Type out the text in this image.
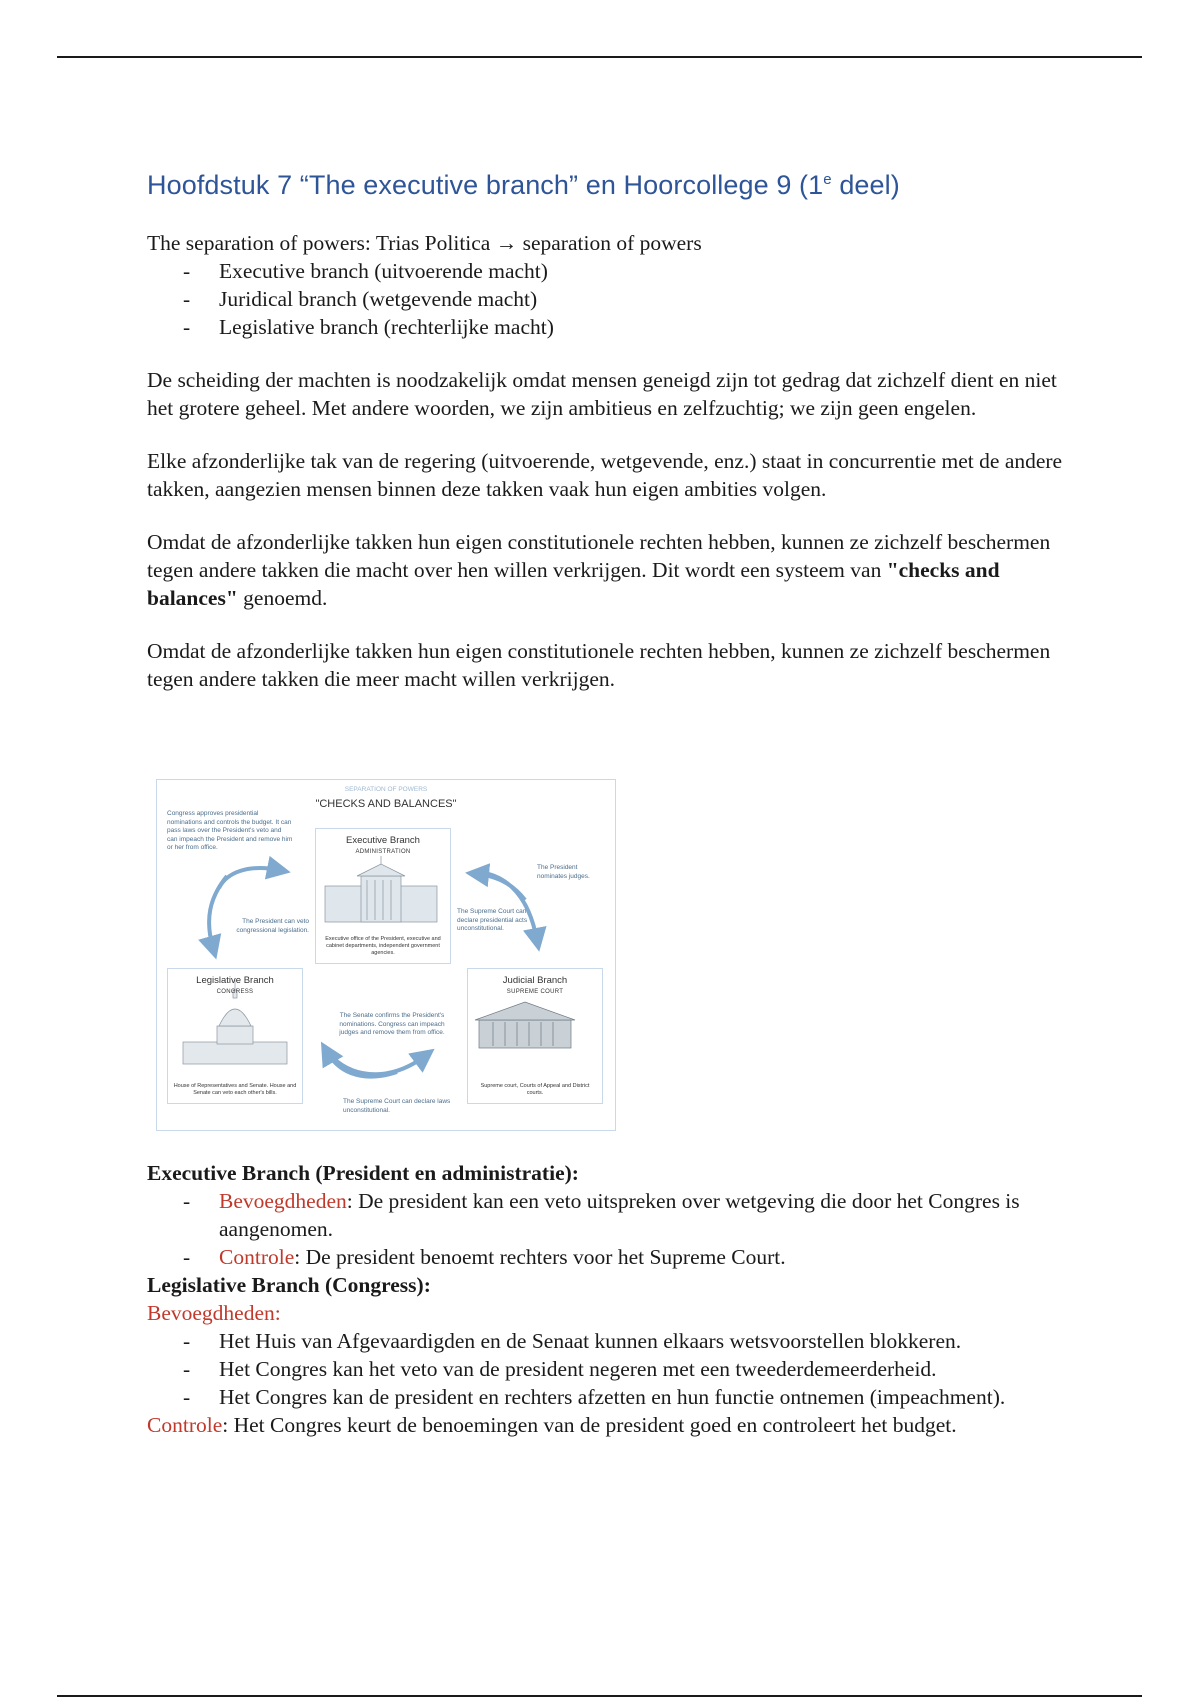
Hoofdstuk 7 “The executive branch” en Hoorcollege 9 (1e deel)

The separation of powers: Trias Politica → separation of powers

- Executive branch (uitvoerende macht)
- Juridical branch (wetgevende macht)
- Legislative branch (rechterlijke macht)

De scheiding der machten is noodzakelijk omdat mensen geneigd zijn tot gedrag dat zichzelf dient en niet het grotere geheel. Met andere woorden, we zijn ambitieus en zelfzuchtig; we zijn geen engelen.

Elke afzonderlijke tak van de regering (uitvoerende, wetgevende, enz.) staat in concurrentie met de andere takken, aangezien mensen binnen deze takken vaak hun eigen ambities volgen.

Omdat de afzonderlijke takken hun eigen constitutionele rechten hebben, kunnen ze zichzelf beschermen tegen andere takken die macht over hen willen verkrijgen. Dit wordt een systeem van "checks and balances" genoemd.

Omdat de afzonderlijke takken hun eigen constitutionele rechten hebben, kunnen ze zichzelf beschermen tegen andere takken die meer macht willen verkrijgen.

SEPARATION OF POWERS
"CHECKS AND BALANCES"
Congress approves presidential nominations and controls the budget. It can pass laws over the President's veto and can impeach the President and remove him or her from office.
The President can veto congressional legislation.
The President nominates judges.
The Supreme Court can declare presidential acts unconstitutional.
The Senate confirms the President's nominations. Congress can impeach judges and remove them from office.
The Supreme Court can declare laws unconstitutional.
Executive Branch
ADMINISTRATION
Executive office of the President, executive and cabinet departments, independent government agencies.
Legislative Branch
CONGRESS
House of Representatives and Senate. House and Senate can veto each other's bills.
Judicial Branch
SUPREME COURT
Supreme court, Courts of Appeal and District courts.

Executive Branch (President en administratie):

- Bevoegdheden: De president kan een veto uitspreken over wetgeving die door het Congres is aangenomen.
- Controle: De president benoemt rechters voor het Supreme Court.

Legislative Branch (Congress):

Bevoegdheden:

- Het Huis van Afgevaardigden en de Senaat kunnen elkaars wetsvoorstellen blokkeren.
- Het Congres kan het veto van de president negeren met een tweederdemeerderheid.
- Het Congres kan de president en rechters afzetten en hun functie ontnemen (impeachment).

Controle: Het Congres keurt de benoemingen van de president goed en controleert het budget.
